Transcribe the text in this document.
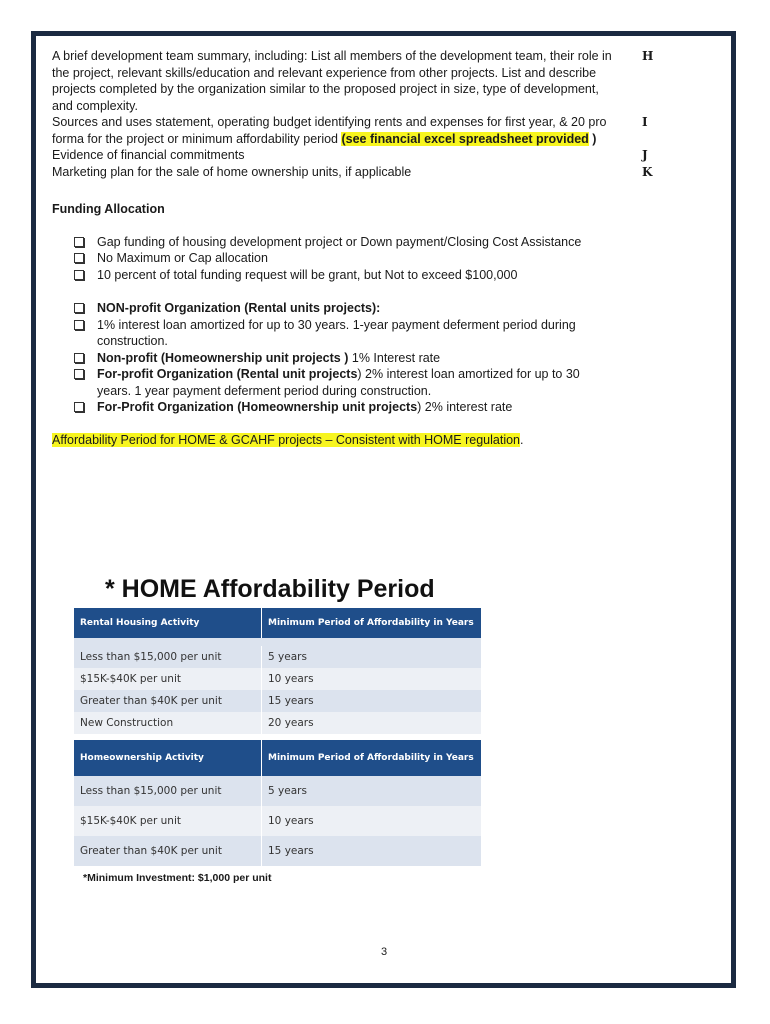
A brief development team summary, including: List all members of the development team, their role in the project, relevant skills/education and relevant experience from other projects. List and describe projects completed by the organization similar to the proposed project in size, type of development, and complexity.
H
Sources and uses statement, operating budget identifying rents and expenses for first year, & 20 pro forma for the project or minimum affordability period (see financial excel spreadsheet provided )
I
Evidence of financial commitments	J
Marketing plan for the sale of home ownership units, if applicable	K
Funding Allocation
Gap funding of housing development project or Down payment/Closing Cost Assistance
No Maximum or Cap allocation
10 percent of total funding request will be grant, but Not to exceed $100,000
NON-profit Organization (Rental units projects):
1% interest loan amortized for up to 30 years. 1-year payment deferment period during construction.
Non-profit (Homeownership unit projects ) 1% Interest rate
For-profit Organization (Rental unit projects) 2% interest loan amortized for up to 30 years. 1 year payment deferment period during construction.
For-Profit Organization (Homeownership unit projects) 2% interest rate
Affordability Period for HOME & GCAHF projects – Consistent with HOME regulation.
* HOME Affordability Period
Rental Housing Activity	Minimum Period of Affordability in Years

Less than $15,000 per unit	5 years
$15K-$40K per unit	10 years
Greater than $40K per unit	15 years
New Construction	20 years
Homeownership Activity	Minimum Period of Affordability in Years
Less than $15,000 per unit	5 years
$15K-$40K per unit	10 years
Greater than $40K per unit	15 years
*Minimum Investment: $1,000 per unit
3
